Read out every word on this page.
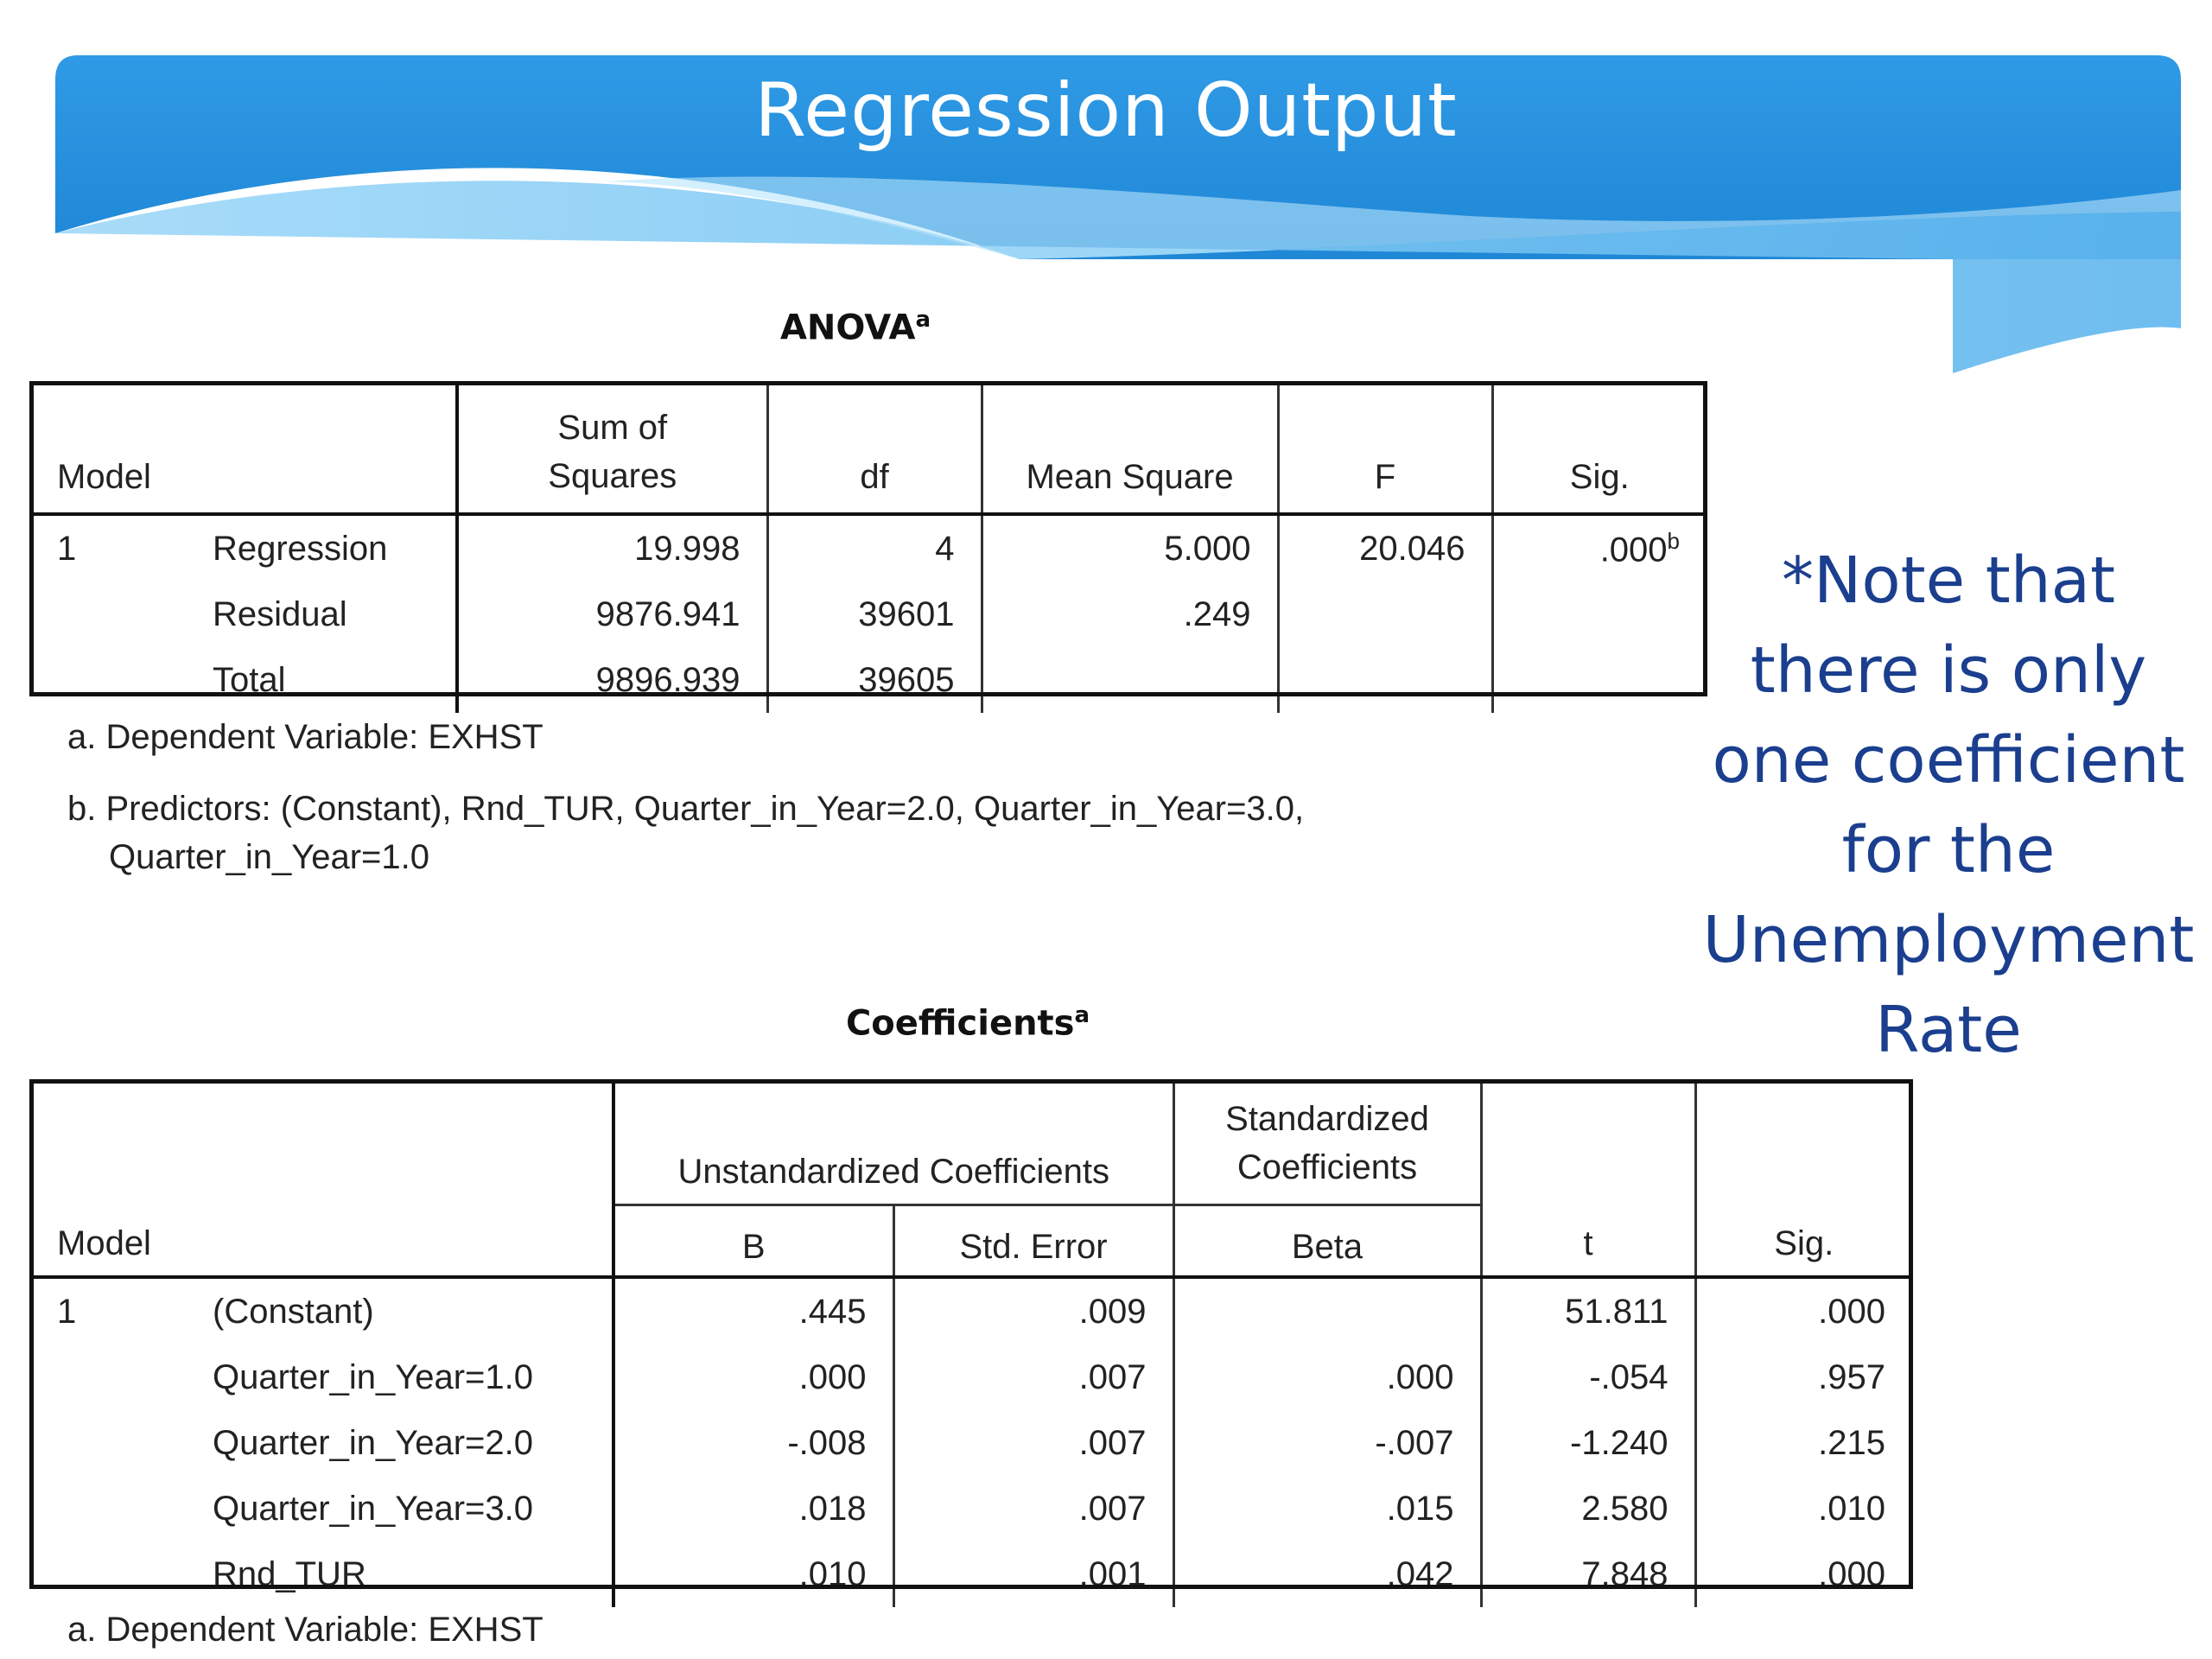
Regression Output
ANOVA$^a$
Model		Sum of Squares	df	Mean Square	F	Sig.
1	Regression	19.998	4	5.000	20.046	.000$^b$
	Residual	9876.941	39601	.249		
	Total	9896.939	39605			
a. Dependent Variable: EXHST
b. Predictors: (Constant), Rnd_TUR, Quarter_in_Year=2.0, Quarter_in_Year=3.0,
Quarter_in_Year=1.0
Coefficients$^a$
Model		Unstandardized Coefficients		Standardized Coefficients	t	Sig.
		B	Std. Error	Beta		
1	(Constant)	.445	.009		51.811	.000
	Quarter_in_Year=1.0	.000	.007	.000	-.054	.957
	Quarter_in_Year=2.0	-.008	.007	-.007	-1.240	.215
	Quarter_in_Year=3.0	.018	.007	.015	2.580	.010
	Rnd_TUR	.010	.001	.042	7.848	.000
a. Dependent Variable: EXHST
*Note that
there is only
one coefficient
for the
Unemployment
Rate
